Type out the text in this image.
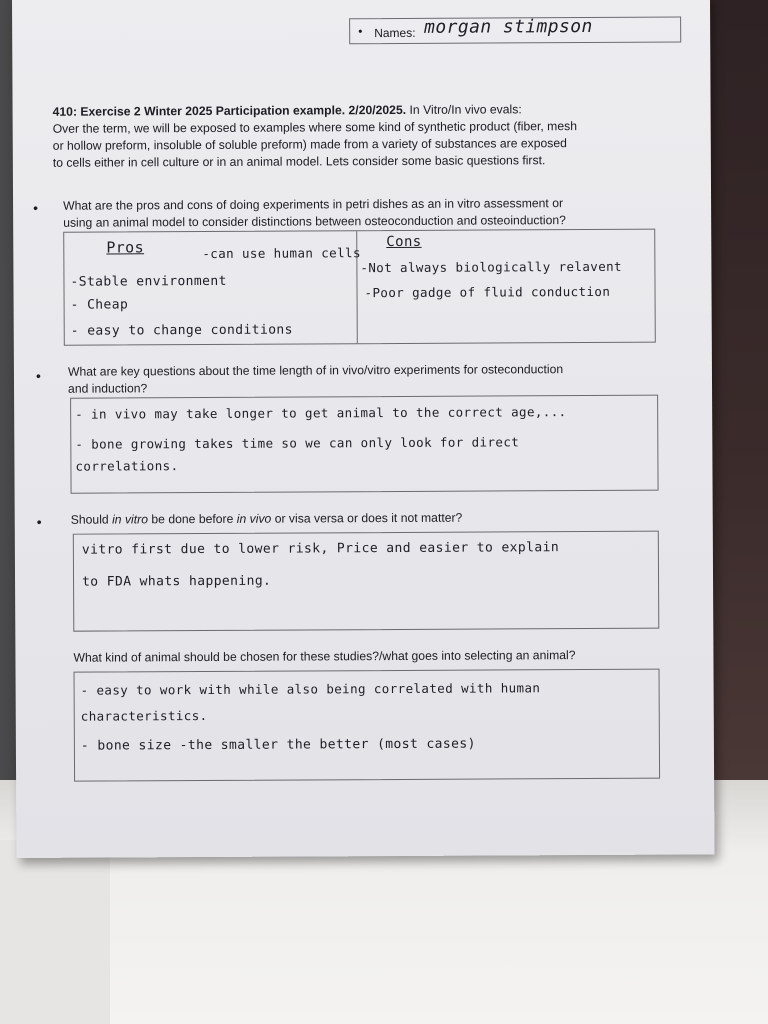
• Names: morgan stimpson
410: Exercise 2 Winter 2025 Participation example. 2/20/2025. In Vitro/In vivo evals:
Over the term, we will be exposed to examples where some kind of synthetic product (fiber, mesh
or hollow preform, insoluble of soluble preform) made from a variety of substances are exposed
to cells either in cell culture or in an animal model. Lets consider some basic questions first.
• What are the pros and cons of doing experiments in petri dishes as an in vitro assessment or
using an animal model to consider distinctions between osteoconduction and osteoinduction?
Pros	-can use human cells
-Stable environment
- Cheap
- easy to change conditions
Cons
-Not always biologically relavent
-Poor gadge of fluid conduction
• What are key questions about the time length of in vivo/vitro experiments for osteconduction
and induction?
- in vivo may take longer to get animal to the correct age,...
- bone growing takes time so we can only look for direct
correlations.
• Should in vitro be done before in vivo or visa versa or does it not matter?
vitro first due to lower risk, Price and easier to explain
to FDA whats happening.
What kind of animal should be chosen for these studies?/what goes into selecting an animal?
- easy to work with while also being correlated with human
characteristics.
- bone size -the smaller the better (most cases)
